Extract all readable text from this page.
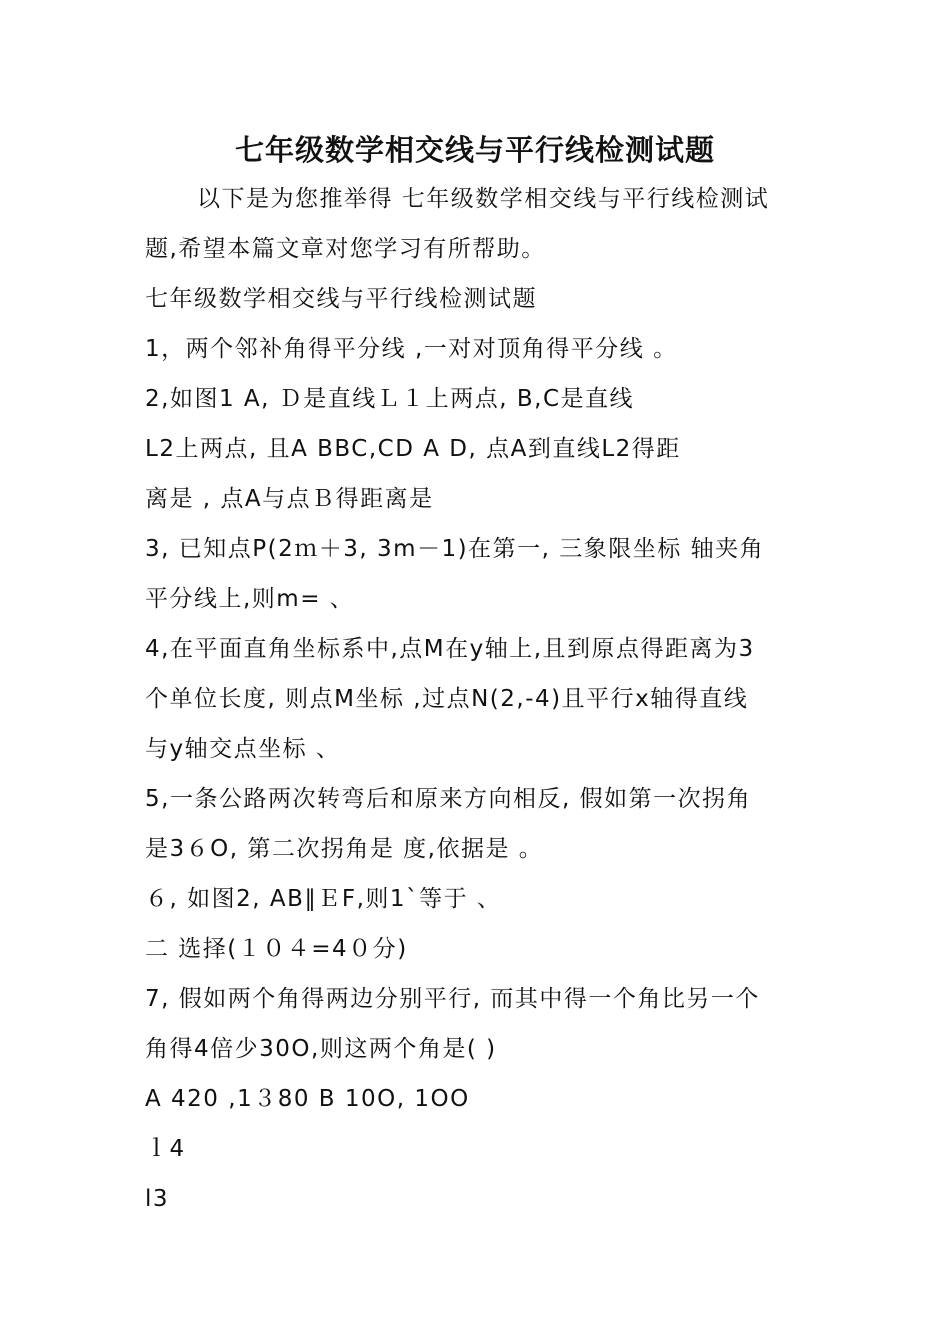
七年级数学相交线与平行线检测试题
以下是为您推举得 七年级数学相交线与平行线检测试
题,希望本篇文章对您学习有所帮助。
七年级数学相交线与平行线检测试题
1，两个邻补角得平分线 ,一对对顶角得平分线 。
2,如图1 A, Ｄ是直线Ｌ１上两点, B,C是直线
L2上两点, 且A BBC,CD A D, 点A到直线L2得距
离是 , 点A与点Ｂ得距离是
3, 已知点P(2ｍ＋3, 3m－1)在第一, 三象限坐标 轴夹角
平分线上,则m= 、
4,在平面直角坐标系中,点M在y轴上,且到原点得距离为3
个单位长度, 则点M坐标 ,过点N(2,-4)且平行x轴得直线
与y轴交点坐标 、
5,一条公路两次转弯后和原来方向相反, 假如第一次拐角
是3６O, 第二次拐角是 度,依据是 。
６, 如图2, AB∥ＥF,则1`等于 、
二 选择(１０４=4０分)
7, 假如两个角得两边分别平行, 而其中得一个角比另一个
角得4倍少30O,则这两个角是( )
A 420 ,1３80 B 10O, 1OO
ｌ4
l3
